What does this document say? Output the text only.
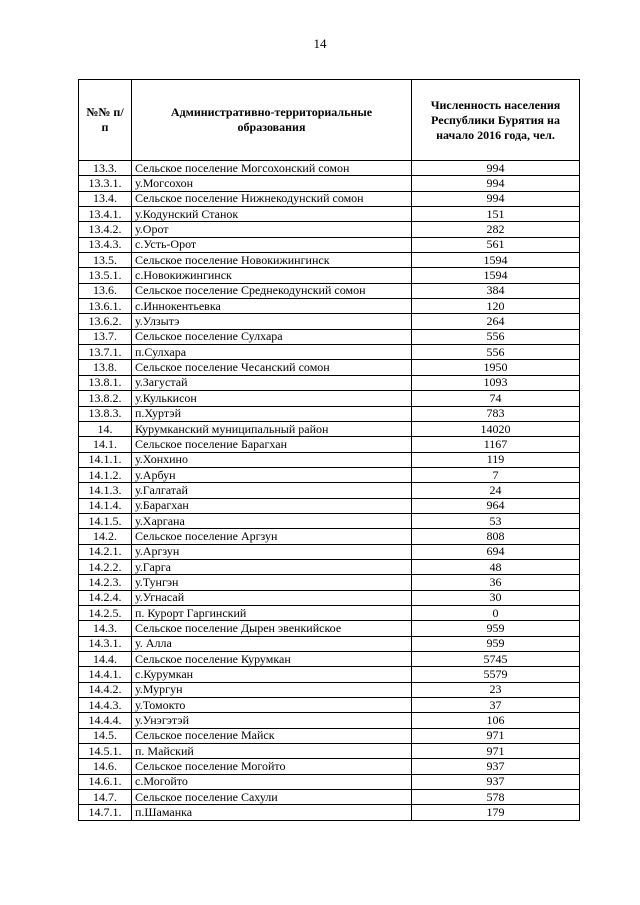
14
№№ п/п	Административно-территориальные образования	Численность населения Республики Бурятия на начало 2016 года, чел.
13.3.	Сельское поселение Могсохонский сомон	994
13.3.1.	у.Могсохон	994
13.4.	Сельское поселение Нижнекодунский сомон	994
13.4.1.	у.Кодунский Станок	151
13.4.2.	у.Орот	282
13.4.3.	с.Усть-Орот	561
13.5.	Сельское поселение Новокижингинск	1594
13.5.1.	с.Новокижингинск	1594
13.6.	Сельское поселение Среднекодунский сомон	384
13.6.1.	с.Иннокентьевка	120
13.6.2.	у.Улзытэ	264
13.7.	Сельское поселение Сулхара	556
13.7.1.	п.Сулхара	556
13.8.	Сельское поселение Чесанский сомон	1950
13.8.1.	у.Загустай	1093
13.8.2.	у.Кулькисон	74
13.8.3.	п.Хуртэй	783
14.	Курумканский муниципальный район	14020
14.1.	Сельское поселение Барагхан	1167
14.1.1.	у.Хонхино	119
14.1.2.	у.Арбун	7
14.1.3.	у.Галгатай	24
14.1.4.	у.Барагхан	964
14.1.5.	у.Харгана	53
14.2.	Сельское поселение Аргзун	808
14.2.1.	у.Аргзун	694
14.2.2.	у.Гарга	48
14.2.3.	у.Тунгэн	36
14.2.4.	у.Угнасай	30
14.2.5.	п. Курорт Гаргинский	0
14.3.	Сельское поселение Дырен эвенкийское	959
14.3.1.	у. Алла	959
14.4.	Сельское поселение Курумкан	5745
14.4.1.	с.Курумкан	5579
14.4.2.	у.Мургун	23
14.4.3.	у.Томокто	37
14.4.4.	у.Унэгэтэй	106
14.5.	Сельское поселение Майск	971
14.5.1.	п. Майский	971
14.6.	Сельское поселение Могойто	937
14.6.1.	с.Могойто	937
14.7.	Сельское поселение Сахули	578
14.7.1.	п.Шаманка	179
